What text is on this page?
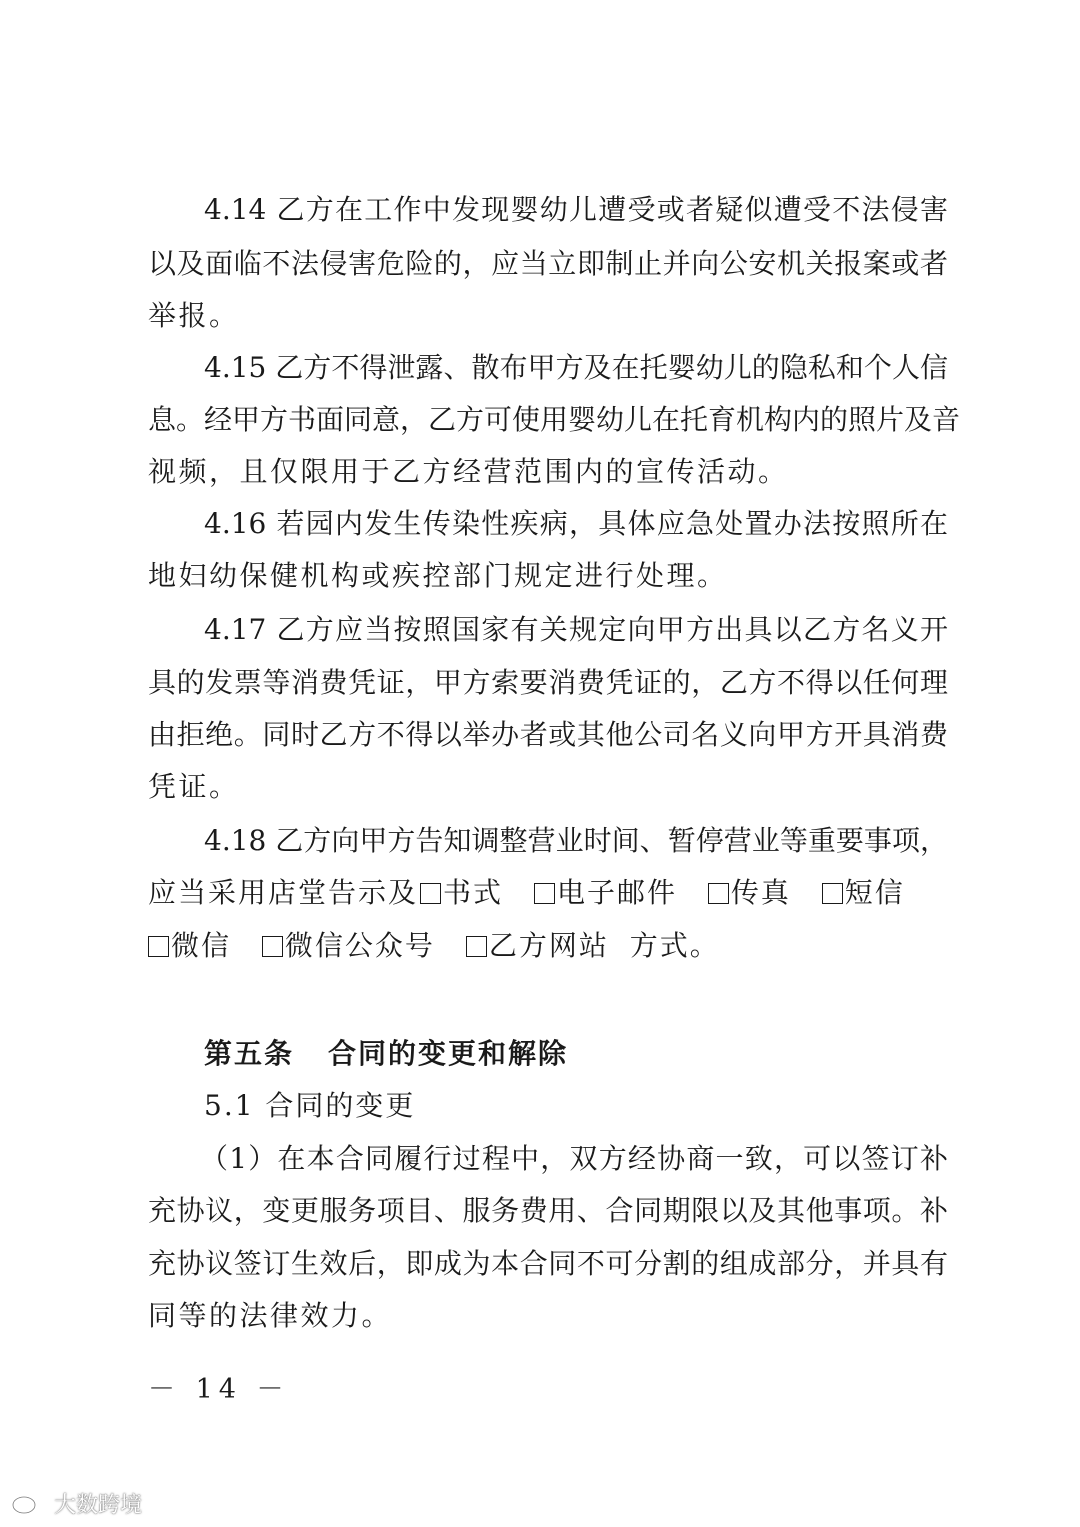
4.14 乙方在工作中发现婴幼儿遭受或者疑似遭受不法侵害
以及面临不法侵害危险的，应当立即制止并向公安机关报案或者
举报。
4.15 乙方不得泄露、散布甲方及在托婴幼儿的隐私和个人信
息。经甲方书面同意，乙方可使用婴幼儿在托育机构内的照片及音
视频，且仅限用于乙方经营范围内的宣传活动。
4.16 若园内发生传染性疾病，具体应急处置办法按照所在
地妇幼保健机构或疾控部门规定进行处理。
4.17 乙方应当按照国家有关规定向甲方出具以乙方名义开
具的发票等消费凭证，甲方索要消费凭证的，乙方不得以任何理
由拒绝。同时乙方不得以举办者或其他公司名义向甲方开具消费
凭证。
4.18 乙方向甲方告知调整营业时间、暂停营业等重要事项，
应当采用店堂告示及 书式 电子邮件 传真 短信
微信 微信公众号 乙方网站 方式。
第五条 合同的变更和解除
5.1 合同的变更
（1）在本合同履行过程中，双方经协商一致，可以签订补
充协议，变更服务项目、服务费用、合同期限以及其他事项。补
充协议签订生效后，即成为本合同不可分割的组成部分，并具有
同等的法律效力。
－ 14 －
大数跨境
